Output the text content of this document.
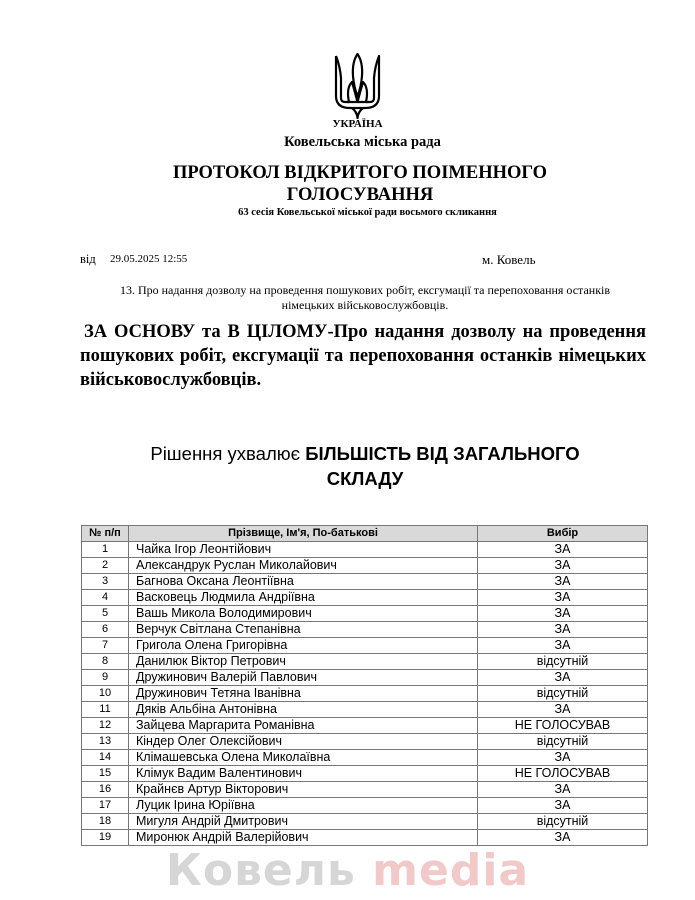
УКРАЇНА
Ковельська міська рада
ПРОТОКОЛ ВІДКРИТОГО ПОІМЕННОГО ГОЛОСУВАННЯ
63 сесія Ковельської міської ради восьмого скликання
від 29.05.2025 12:55	м. Ковель
13. Про надання дозволу на проведення пошукових робіт, ексгумації та перепоховання останків німецьких військовослужбовців.
ЗА ОСНОВУ та В ЦІЛОМУ-Про надання дозволу на проведення пошукових робіт, ексгумації та перепоховання останків німецьких військовослужбовців.
Рішення ухвалює БІЛЬШІСТЬ ВІД ЗАГАЛЬНОГО СКЛАДУ
№ п/п	Прізвище, Ім'я, По-батькові	Вибір
1	Чайка Ігор Леонтійович	ЗА
2	Александрук Руслан Миколайович	ЗА
3	Багнова Оксана Леонтіївна	ЗА
4	Васковець Людмила Андріївна	ЗА
5	Вашь Микола Володимирович	ЗА
6	Верчук Світлана Степанівна	ЗА
7	Григола Олена Григорівна	ЗА
8	Данилюк Віктор Петрович	відсутній
9	Дружинович Валерій Павлович	ЗА
10	Дружинович Тетяна Іванівна	відсутній
11	Дяків Альбіна Антонівна	ЗА
12	Зайцева Маргарита Романівна	НЕ ГОЛОСУВАВ
13	Кіндер Олег Олексійович	відсутній
14	Клімашевська Олена Миколаївна	ЗА
15	Клімук Вадим Валентинович	НЕ ГОЛОСУВАВ
16	Крайнєв Артур Вікторович	ЗА
17	Луцик Ірина Юріївна	ЗА
18	Мигуля Андрій Дмитрович	відсутній
19	Миронюк Андрій Валерійович	ЗА
Ковель media
